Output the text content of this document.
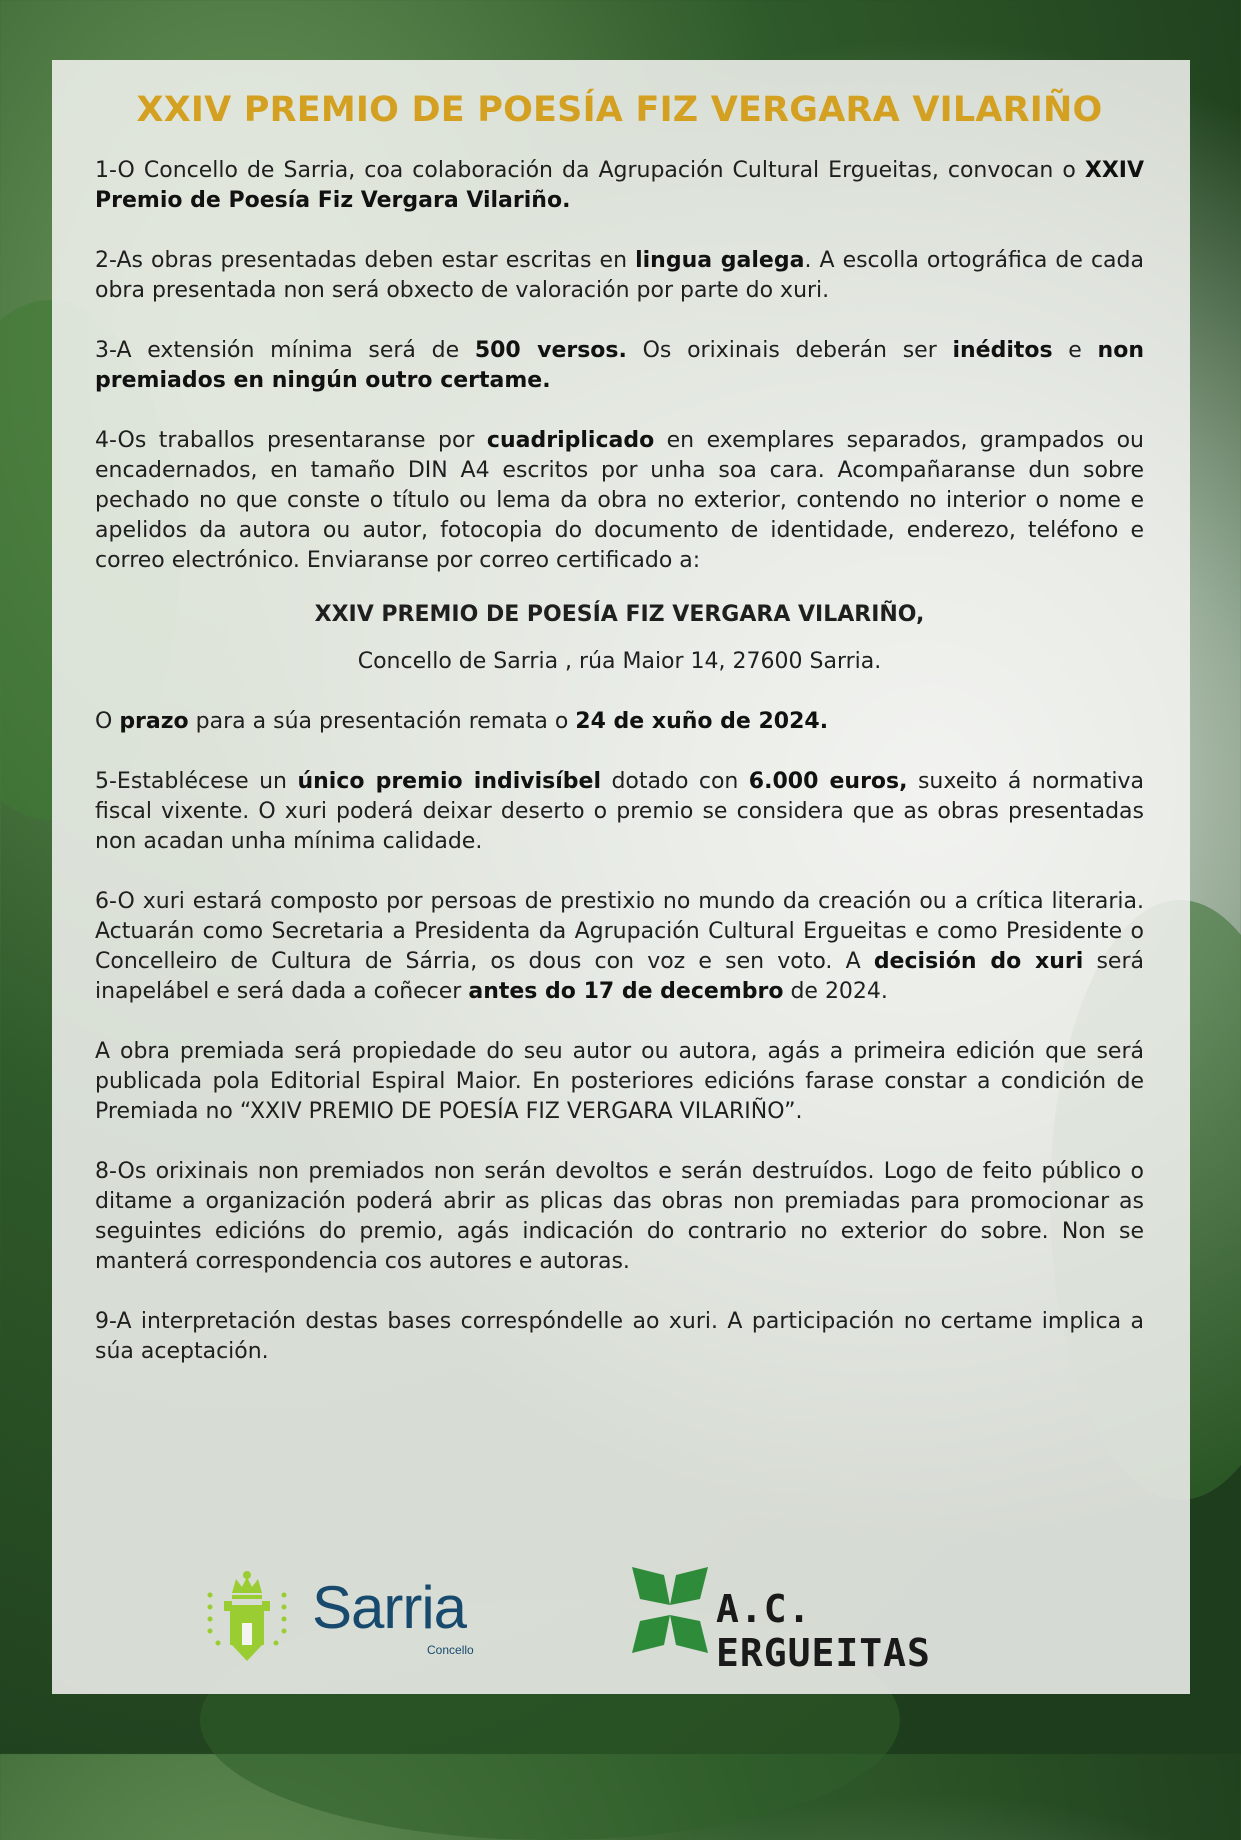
XXIV PREMIO DE POESÍA FIZ VERGARA VILARIÑO

1-O Concello de Sarria, coa colaboración da Agrupación Cultural Ergueitas, convocan o XXIV Premio de Poesía Fiz Vergara Vilariño.

2-As obras presentadas deben estar escritas en lingua galega. A escolla ortográfica de cada obra presentada non será obxecto de valoración por parte do xuri.

3-A extensión mínima será de 500 versos. Os orixinais deberán ser inéditos e non premiados en ningún outro certame.

4-Os traballos presentaranse por cuadriplicado en exemplares separados, grampados ou encadernados, en tamaño DIN A4 escritos por unha soa cara. Acompañaranse dun sobre pechado no que conste o título ou lema da obra no exterior, contendo no interior o nome e apelidos da autora ou autor, fotocopia do documento de identidade, enderezo, teléfono e correo electrónico. Enviaranse por correo certificado a:

XXIV PREMIO DE POESÍA FIZ VERGARA VILARIÑO,

Concello de Sarria , rúa Maior 14, 27600 Sarria.

O prazo para a súa presentación remata o 24 de xuño de 2024.

5-Establécese un único premio indivisíbel dotado con 6.000 euros, suxeito á normativa fiscal vixente. O xuri poderá deixar deserto o premio se considera que as obras presentadas non acadan unha mínima calidade.

6-O xuri estará composto por persoas de prestixio no mundo da creación ou a crítica literaria. Actuarán como Secretaria a Presidenta da Agrupación Cultural Ergueitas e como Presidente o Concelleiro de Cultura de Sárria, os dous con voz e sen voto. A decisión do xuri será inapelábel e será dada a coñecer antes do 17 de decembro de 2024.

A obra premiada será propiedade do seu autor ou autora, agás a primeira edición que será publicada pola Editorial Espiral Maior. En posteriores edicións farase constar a condición de Premiada no “XXIV PREMIO DE POESÍA FIZ VERGARA VILARIÑO”.

8-Os orixinais non premiados non serán devoltos e serán destruídos. Logo de feito público o ditame a organización poderá abrir as plicas das obras non premiadas para promocionar as seguintes edicións do premio, agás indicación do contrario no exterior do sobre. Non se manterá correspondencia cos autores e autoras.

9-A interpretación destas bases correspóndelle ao xuri. A participación no certame implica a súa aceptación.

Sarria
Concello
A.C. ERGUEITAS
